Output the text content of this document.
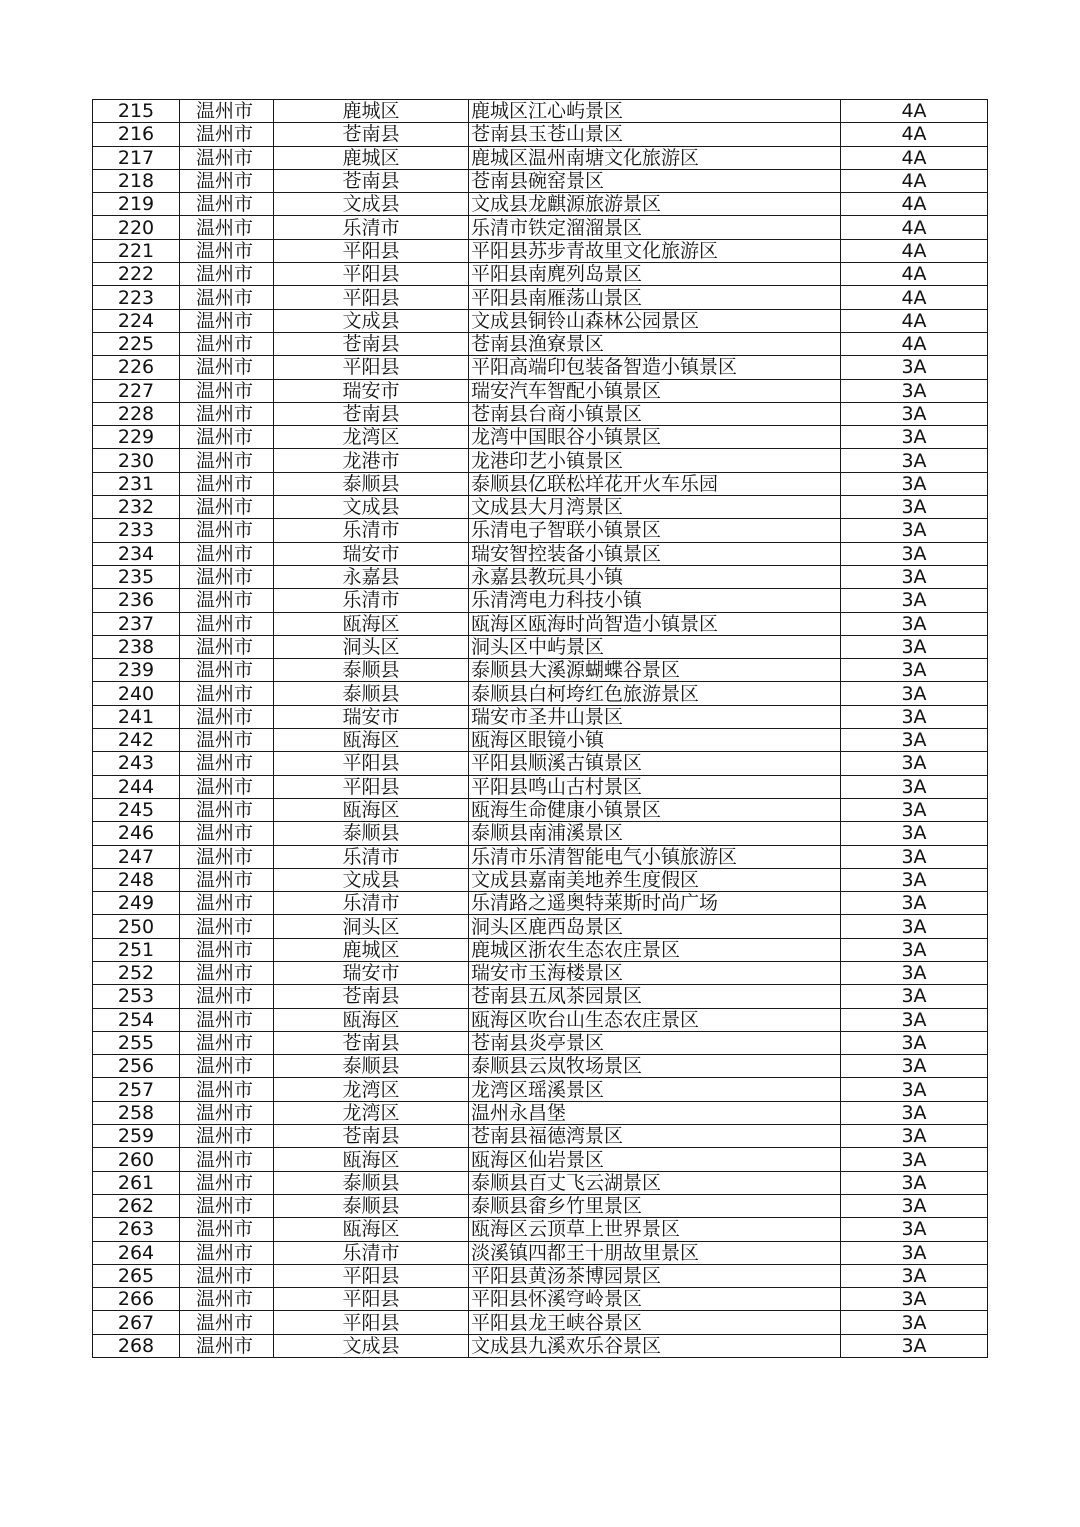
215	温州市	鹿城区	鹿城区江心屿景区	4A
216	温州市	苍南县	苍南县玉苍山景区	4A
217	温州市	鹿城区	鹿城区温州南塘文化旅游区	4A
218	温州市	苍南县	苍南县碗窑景区	4A
219	温州市	文成县	文成县龙麒源旅游景区	4A
220	温州市	乐清市	乐清市铁定溜溜景区	4A
221	温州市	平阳县	平阳县苏步青故里文化旅游区	4A
222	温州市	平阳县	平阳县南麂列岛景区	4A
223	温州市	平阳县	平阳县南雁荡山景区	4A
224	温州市	文成县	文成县铜铃山森林公园景区	4A
225	温州市	苍南县	苍南县渔寮景区	4A
226	温州市	平阳县	平阳高端印包装备智造小镇景区	3A
227	温州市	瑞安市	瑞安汽车智配小镇景区	3A
228	温州市	苍南县	苍南县台商小镇景区	3A
229	温州市	龙湾区	龙湾中国眼谷小镇景区	3A
230	温州市	龙港市	龙港印艺小镇景区	3A
231	温州市	泰顺县	泰顺县亿联松垟花开火车乐园	3A
232	温州市	文成县	文成县大月湾景区	3A
233	温州市	乐清市	乐清电子智联小镇景区	3A
234	温州市	瑞安市	瑞安智控装备小镇景区	3A
235	温州市	永嘉县	永嘉县教玩具小镇	3A
236	温州市	乐清市	乐清湾电力科技小镇	3A
237	温州市	瓯海区	瓯海区瓯海时尚智造小镇景区	3A
238	温州市	洞头区	洞头区中屿景区	3A
239	温州市	泰顺县	泰顺县大溪源蝴蝶谷景区	3A
240	温州市	泰顺县	泰顺县白柯垮红色旅游景区	3A
241	温州市	瑞安市	瑞安市圣井山景区	3A
242	温州市	瓯海区	瓯海区眼镜小镇	3A
243	温州市	平阳县	平阳县顺溪古镇景区	3A
244	温州市	平阳县	平阳县鸣山古村景区	3A
245	温州市	瓯海区	瓯海生命健康小镇景区	3A
246	温州市	泰顺县	泰顺县南浦溪景区	3A
247	温州市	乐清市	乐清市乐清智能电气小镇旅游区	3A
248	温州市	文成县	文成县嘉南美地养生度假区	3A
249	温州市	乐清市	乐清路之遥奥特莱斯时尚广场	3A
250	温州市	洞头区	洞头区鹿西岛景区	3A
251	温州市	鹿城区	鹿城区浙农生态农庄景区	3A
252	温州市	瑞安市	瑞安市玉海楼景区	3A
253	温州市	苍南县	苍南县五凤茶园景区	3A
254	温州市	瓯海区	瓯海区吹台山生态农庄景区	3A
255	温州市	苍南县	苍南县炎亭景区	3A
256	温州市	泰顺县	泰顺县云岚牧场景区	3A
257	温州市	龙湾区	龙湾区瑶溪景区	3A
258	温州市	龙湾区	温州永昌堡	3A
259	温州市	苍南县	苍南县福德湾景区	3A
260	温州市	瓯海区	瓯海区仙岩景区	3A
261	温州市	泰顺县	泰顺县百丈飞云湖景区	3A
262	温州市	泰顺县	泰顺县畲乡竹里景区	3A
263	温州市	瓯海区	瓯海区云顶草上世界景区	3A
264	温州市	乐清市	淡溪镇四都王十朋故里景区	3A
265	温州市	平阳县	平阳县黄汤茶博园景区	3A
266	温州市	平阳县	平阳县怀溪穹岭景区	3A
267	温州市	平阳县	平阳县龙王峡谷景区	3A
268	温州市	文成县	文成县九溪欢乐谷景区	3A
